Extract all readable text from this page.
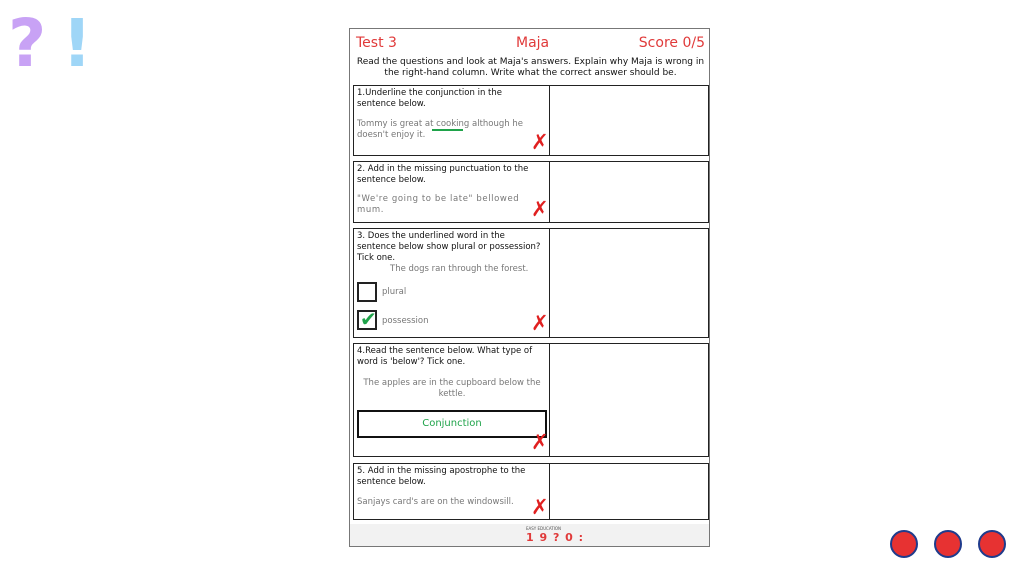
? !	Test 3	Maja	Score 0/5
Read the questions and look at Maja's answers. Explain why Maja is wrong in the right-hand column. Write what the correct answer should be.
1.Underline the conjunction in the sentence below.
Tommy is great at cooking although he doesn't enjoy it.	✗
2. Add in the missing punctuation to the sentence below.
"We're going to be late" bellowed mum.	✗
3. Does the underlined word in the sentence below show plural or possession? Tick one.
The dogs ran through the forest.
plural
✔ possession	✗
4.Read the sentence below. What type of word is 'below'? Tick one.
The apples are in the cupboard below the kettle.
Conjunction
✗
5. Add in the missing apostrophe to the sentence below.
Sanjays card's are on the windowsill. ✗
EASY EDUCATION
1 9 ? 0 :
